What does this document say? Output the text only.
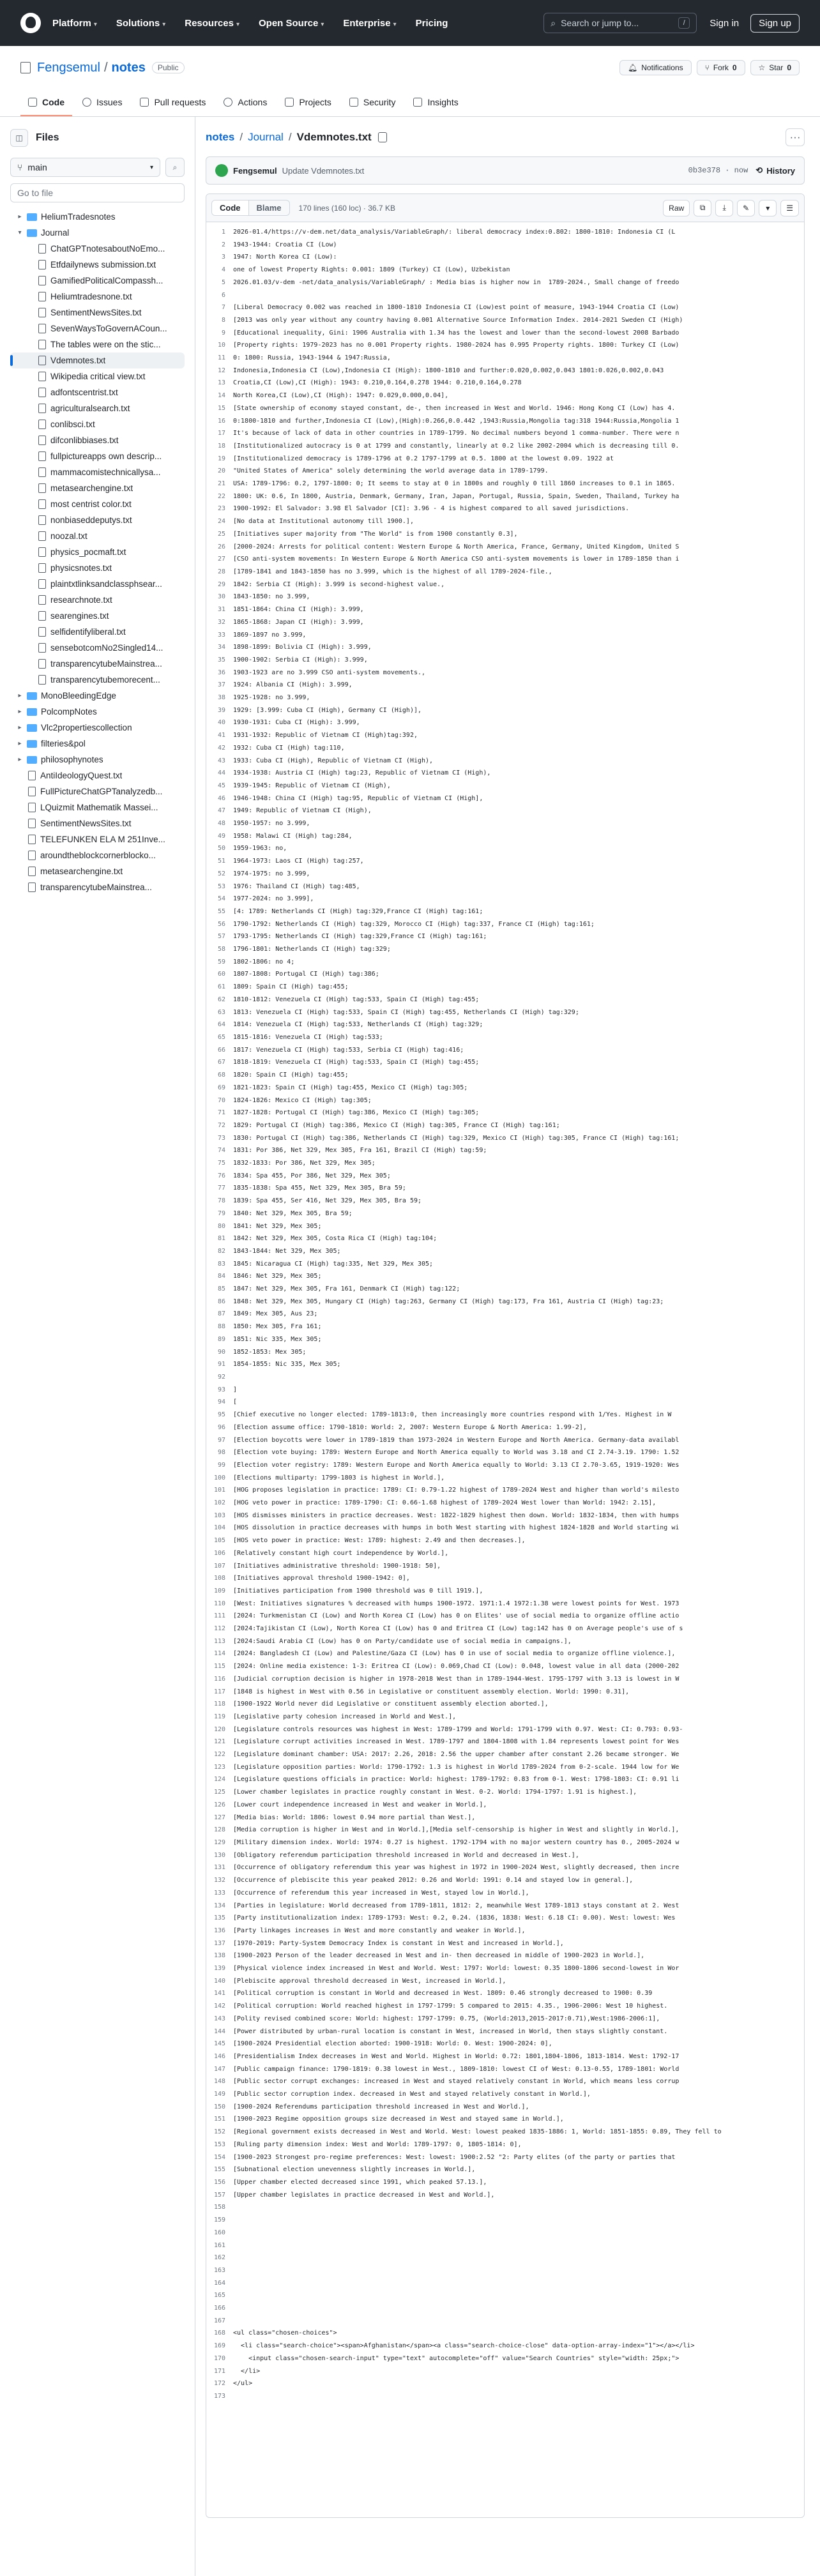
Platform ▾ Solutions ▾ Resources ▾ Open Source ▾ Enterprise ▾ Pricing	⌕ Search or jump to...	/	Sign in	Sign up
Fengsemul / notes	Public	🔔︎ Notifications	⑂ Fork 0	☆ Star 0
Code	Issues	Pull requests	Actions	Projects	Security	Insights
◫	Files
⑂ main	▾	⌕
Go to file
▸	HeliumTradesnotes
▾	Journal
ChatGPTnotesaboutNoEmo...
Etfdailynews submission.txt
GamifiedPoliticalCompassh...
Heliumtradesnone.txt
SentimentNewsSites.txt
SevenWaysToGovernACoun...
The tables were on the stic...
Vdemnotes.txt
Wikipedia critical view.txt
adfontscentrist.txt
agriculturalsearch.txt
conlibsci.txt
difconlibbiases.txt
fullpictureapps own descrip...
mammacomistechnicallysa...
metasearchengine.txt
most centrist color.txt
nonbiaseddeputys.txt
noozal.txt
physics_pocmaft.txt
physicsnotes.txt
plaintxtlinksandclassphsear...
researchnote.txt
searengines.txt
selfidentifyliberal.txt
sensebotcomNo2Singled14...
transparencytubeMainstrea...
transparencytubemorecent...
▸	MonoBleedingEdge
▸	PolcompNotes
▸	Vlc2propertiescollection
▸	filteries&pol
▸	philosophynotes
AntiIdeologyQuest.txt
FullPictureChatGPTanalyzedb...
LQuizmit Mathematik Massei...
SentimentNewsSites.txt
TELEFUNKEN ELA M 251Inve...
aroundtheblockcornerblocko...
metasearchengine.txt
transparencytubeMainstrea...
notes / Journal / Vdemnotes.txt	···
Fengsemul Update Vdemnotes.txt	0b3e378 · now ⟲ History
Code	Blame	170 lines (160 loc) · 36.7 KB	Raw	⧉	⤓	✎	▾	☰
1	2026-01.4/https://v-dem.net/data_analysis/VariableGraph/: liberal democracy index:0.802: 1800-1810: Indonesia CI (L
2	1943-1944: Croatia CI (Low)
3	1947: North Korea CI (Low):
4	one of lowest Property Rights: 0.001: 1809 (Turkey) CI (Low), Uzbekistan
5	2026.01.03/v-dem -net/data_analysis/VariableGraph/ : Media bias is higher now in  1789-2024., Small change of freedo
6
7	[Liberal Democracy 0.002 was reached in 1800-1810 Indonesia CI (Low)est point of measure, 1943-1944 Croatia CI (Low)
8	[2013 was only year without any country having 0.001 Alternative Source Information Index. 2014-2021 Sweden CI (High)
9	[Educational inequality, Gini: 1906 Australia with 1.34 has the lowest and lower than the second-lowest 2008 Barbado
10	[Property rights: 1979-2023 has no 0.001 Property rights. 1980-2024 has 0.995 Property rights. 1800: Turkey CI (Low)
11	0: 1800: Russia, 1943-1944 & 1947:Russia,
12	Indonesia,Indonesia CI (Low),Indonesia CI (High): 1800-1810 and further:0.020,0.002,0.043 1801:0.026,0.002,0.043
13	Croatia,CI (Low),CI (High): 1943: 0.210,0.164,0.278 1944: 0.210,0.164,0.278
14	North Korea,CI (Low),CI (High): 1947: 0.029,0.000,0.04],
15	[State ownership of economy stayed constant, de-, then increased in West and World. 1946: Hong Kong CI (Low) has 4.
16	0:1800-1810 and further,Indonesia CI (Low),(High):0.266,0.0.442 ,1943:Russia,Mongolia tag:318 1944:Russia,Mongolia 1
17	It's because of lack of data in other countries in 1789-1799. No decimal numbers beyond 1 comma-number. There were n
18	[Institutionalized autocracy is 0 at 1799 and constantly, linearly at 0.2 like 2002-2004 which is decreasing till 0.
19	[Institutionalized democracy is 1789-1796 at 0.2 1797-1799 at 0.5. 1800 at the lowest 0.09. 1922 at
20	"United States of America" solely determining the world average data in 1789-1799.
21	USA: 1789-1796: 0.2, 1797-1800: 0; It seems to stay at 0 in 1800s and roughly 0 till 1860 increases to 0.1 in 1865.
22	1800: UK: 0.6, In 1800, Austria, Denmark, Germany, Iran, Japan, Portugal, Russia, Spain, Sweden, Thailand, Turkey ha
23	1900-1992: El Salvador: 3.98 El Salvador [CI]: 3.96 - 4 is highest compared to all saved jurisdictions.
24	[No data at Institutional autonomy till 1900.],
25	[Initiatives super majority from "The World" is from 1900 constantly 0.3],
26	[2000-2024: Arrests for political content: Western Europe & North America, France, Germany, United Kingdom, United S
27	[CSO anti-system movements: In Western Europe & North America CSO anti-system movements is lower in 1789-1850 than i
28	[1789-1841 and 1843-1850 has no 3.999, which is the highest of all 1789-2024-file.,
29	1842: Serbia CI (High): 3.999 is second-highest value.,
30	1843-1850: no 3.999,
31	1851-1864: China CI (High): 3.999,
32	1865-1868: Japan CI (High): 3.999,
33	1869-1897 no 3.999,
34	1898-1899: Bolivia CI (High): 3.999,
35	1900-1902: Serbia CI (High): 3.999,
36	1903-1923 are no 3.999 CSO anti-system movements.,
37	1924: Albania CI (High): 3.999,
38	1925-1928: no 3.999,
39	1929: [3.999: Cuba CI (High), Germany CI (High)],
40	1930-1931: Cuba CI (High): 3.999,
41	1931-1932: Republic of Vietnam CI (High)tag:392,
42	1932: Cuba CI (High) tag:110,
43	1933: Cuba CI (High), Republic of Vietnam CI (High),
44	1934-1938: Austria CI (High) tag:23, Republic of Vietnam CI (High),
45	1939-1945: Republic of Vietnam CI (High),
46	1946-1948: China CI (High) tag:95, Republic of Vietnam CI (High],
47	1949: Republic of Vietnam CI (High),
48	1950-1957: no 3.999,
49	1958: Malawi CI (High) tag:284,
50	1959-1963: no,
51	1964-1973: Laos CI (High) tag:257,
52	1974-1975: no 3.999,
53	1976: Thailand CI (High) tag:485,
54	1977-2024: no 3.999],
55	[4: 1789: Netherlands CI (High) tag:329,France CI (High) tag:161;
56	1790-1792: Netherlands CI (High) tag:329, Morocco CI (High) tag:337, France CI (High) tag:161;
57	1793-1795: Netherlands CI (High) tag:329,France CI (High) tag:161;
58	1796-1801: Netherlands CI (High) tag:329;
59	1802-1806: no 4;
60	1807-1808: Portugal CI (High) tag:386;
61	1809: Spain CI (High) tag:455;
62	1810-1812: Venezuela CI (High) tag:533, Spain CI (High) tag:455;
63	1813: Venezuela CI (High) tag:533, Spain CI (High) tag:455, Netherlands CI (High) tag:329;
64	1814: Venezuela CI (High) tag:533, Netherlands CI (High) tag:329;
65	1815-1816: Venezuela CI (High) tag:533;
66	1817: Venezuela CI (High) tag:533, Serbia CI (High) tag:416;
67	1818-1819: Venezuela CI (High) tag:533, Spain CI (High) tag:455;
68	1820: Spain CI (High) tag:455;
69	1821-1823: Spain CI (High) tag:455, Mexico CI (High) tag:305;
70	1824-1826: Mexico CI (High) tag:305;
71	1827-1828: Portugal CI (High) tag:386, Mexico CI (High) tag:305;
72	1829: Portugal CI (High) tag:386, Mexico CI (High) tag:305, France CI (High) tag:161;
73	1830: Portugal CI (High) tag:386, Netherlands CI (High) tag:329, Mexico CI (High) tag:305, France CI (High) tag:161;
74	1831: Por 386, Net 329, Mex 305, Fra 161, Brazil CI (High) tag:59;
75	1832-1833: Por 386, Net 329, Mex 305;
76	1834: Spa 455, Por 386, Net 329, Mex 305;
77	1835-1838: Spa 455, Net 329, Mex 305, Bra 59;
78	1839: Spa 455, Ser 416, Net 329, Mex 305, Bra 59;
79	1840: Net 329, Mex 305, Bra 59;
80	1841: Net 329, Mex 305;
81	1842: Net 329, Mex 305, Costa Rica CI (High) tag:104;
82	1843-1844: Net 329, Mex 305;
83	1845: Nicaragua CI (High) tag:335, Net 329, Mex 305;
84	1846: Net 329, Mex 305;
85	1847: Net 329, Mex 305, Fra 161, Denmark CI (High) tag:122;
86	1848: Net 329, Mex 305, Hungary CI (High) tag:263, Germany CI (High) tag:173, Fra 161, Austria CI (High) tag:23;
87	1849: Mex 305, Aus 23;
88	1850: Mex 305, Fra 161;
89	1851: Nic 335, Mex 305;
90	1852-1853: Mex 305;
91	1854-1855: Nic 335, Mex 305;
92
93	]
94	[
95	[Chief executive no longer elected: 1789-1813:0, then increasingly more countries respond with 1/Yes. Highest in W
96	[Election assume office: 1790-1810: World: 2, 2007: Western Europe & North America: 1.99-2],
97	[Election boycotts were lower in 1789-1819 than 1973-2024 in Western Europe and North America. Germany-data availabl
98	[Election vote buying: 1789: Western Europe and North America equally to World was 3.18 and CI 2.74-3.19. 1790: 1.52
99	[Election voter registry: 1789: Western Europe and North America equally to World: 3.13 CI 2.70-3.65, 1919-1920: Wes
100	[Elections multiparty: 1799-1803 is highest in World.],
101	[HOG proposes legislation in practice: 1789: CI: 0.79-1.22 highest of 1789-2024 West and higher than world's milesto
102	[HOG veto power in practice: 1789-1790: CI: 0.66-1.68 highest of 1789-2024 West lower than World: 1942: 2.15],
103	[HOS dismisses ministers in practice decreases. West: 1822-1829 highest then down. World: 1832-1834, then with humps
104	[HOS dissolution in practice decreases with humps in both West starting with highest 1824-1828 and World starting wi
105	[HOS veto power in practice: West: 1789: highest: 2.49 and then decreases.],
106	[Relatively constant high court independence by World.],
107	[Initiatives administrative threshold: 1900-1918: 50],
108	[Initiatives approval threshold 1900-1942: 0],
109	[Initiatives participation from 1900 threshold was 0 till 1919.],
110	[West: Initiatives signatures % decreased with humps 1900-1972. 1971:1.4 1972:1.38 were lowest points for West. 1973
111	[2024: Turkmenistan CI (Low) and North Korea CI (Low) has 0 on Elites' use of social media to organize offline actio
112	[2024:Tajikistan CI (Low), North Korea CI (Low) has 0 and Eritrea CI (Low) tag:142 has 0 on Average people's use of s
113	[2024:Saudi Arabia CI (Low) has 0 on Party/candidate use of social media in campaigns.],
114	[2024: Bangladesh CI (Low) and Palestine/Gaza CI (Low) has 0 in use of social media to organize offline violence.],
115	[2024: Online media existence: 1-3: Eritrea CI (Low): 0.069,Chad CI (Low): 0.048, lowest value in all data (2000-202
116	[Judicial corruption decision is higher in 1978-2018 West than in 1789-1944-West. 1795-1797 with 3.13 is lowest in W
117	[1848 is highest in West with 0.56 in Legislative or constituent assembly election. World: 1990: 0.31],
118	[1900-1922 World never did Legislative or constituent assembly election aborted.],
119	[Legislative party cohesion increased in World and West.],
120	[Legislature controls resources was highest in West: 1789-1799 and World: 1791-1799 with 0.97. West: CI: 0.793: 0.93-
121	[Legislature corrupt activities increased in West. 1789-1797 and 1804-1808 with 1.84 represents lowest point for Wes
122	[Legislature dominant chamber: USA: 2017: 2.26, 2018: 2.56 the upper chamber after constant 2.26 became stronger. We
123	[Legislature opposition parties: World: 1790-1792: 1.3 is highest in World 1789-2024 from 0-2-scale. 1944 low for We
124	[Legislature questions officials in practice: World: highest: 1789-1792: 0.83 from 0-1. West: 1798-1803: CI: 0.91 li
125	[Lower chamber legislates in practice roughly constant in West. 0-2. World: 1794-1797: 1.91 is highest.],
126	[Lower court independence increased in West and weaker in World.],
127	[Media bias: World: 1806: lowest 0.94 more partial than West.],
128	[Media corruption is higher in West and in World.],[Media self-censorship is higher in West and slightly in World.],
129	[Military dimension index. World: 1974: 0.27 is highest. 1792-1794 with no major western country has 0., 2005-2024 w
130	[Obligatory referendum participation threshold increased in World and decreased in West.],
131	[Occurrence of obligatory referendum this year was highest in 1972 in 1900-2024 West, slightly decreased, then incre
132	[Occurrence of plebiscite this year peaked 2012: 0.26 and World: 1991: 0.14 and stayed low in general.],
133	[Occurrence of referendum this year increased in West, stayed low in World.],
134	[Parties in legislature: World decreased from 1789-1811, 1812: 2, meanwhile West 1789-1813 stays constant at 2. West
135	[Party institutionalization index: 1789-1793: West: 0.2, 0.24. (1836, 1838: West: 6.18 CI: 0.00). West: lowest: Wes
136	[Party linkages increases in West and more constantly and weaker in World.],
137	[1970-2019: Party-System Democracy Index is constant in West and increased in World.],
138	[1900-2023 Person of the leader decreased in West and in- then decreased in middle of 1900-2023 in World.],
139	[Physical violence index increased in West and World. West: 1797: World: lowest: 0.35 1800-1806 second-lowest in Wor
140	[Plebiscite approval threshold decreased in West, increased in World.],
141	[Political corruption is constant in World and decreased in West. 1809: 0.46 strongly decreased to 1900: 0.39
142	[Political corruption: World reached highest in 1797-1799: 5 compared to 2015: 4.35., 1906-2006: West 10 highest.
143	[Polity revised combined score: World: highest: 1797-1799: 0.75, (World:2013,2015-2017:0.71),West:1986-2006:1],
144	[Power distributed by urban-rural location is constant in West, increased in World, then stays slightly constant.
145	[1900-2024 Presidential election aborted: 1900-1918: World: 0. West: 1900-2024: 0],
146	[Presidentialism Index decreases in West and World. Highest in World: 0.72: 1801,1804-1806, 1813-1814. West: 1792-17
147	[Public campaign finance: 1790-1819: 0.38 lowest in West., 1809-1810: lowest CI of West: 0.13-0.55, 1789-1801: World
148	[Public sector corrupt exchanges: increased in West and stayed relatively constant in World, which means less corrup
149	[Public sector corruption index. decreased in West and stayed relatively constant in World.],
150	[1900-2024 Referendums participation threshold increased in West and World.],
151	[1900-2023 Regime opposition groups size decreased in West and stayed same in World.],
152	[Regional government exists decreased in West and World. West: lowest peaked 1835-1886: 1, World: 1851-1855: 0.89, They fell to
153	[Ruling party dimension index: West and World: 1789-1797: 0, 1805-1814: 0],
154	[1900-2023 Strongest pro-regime preferences: West: lowest: 1900:2.52 "2: Party elites (of the party or parties that
155	[Subnational election unevenness slightly increases in World.],
156	[Upper chamber elected decreased since 1991, which peaked 57.13.],
157	[Upper chamber legislates in practice decreased in West and World.],
158
159
160
161
162
163
164
165
166
167
168	<ul class="chosen-choices">
169	<li class="search-choice"><span>Afghanistan</span><a class="search-choice-close" data-option-array-index="1"></a></li>
170	<input class="chosen-search-input" type="text" autocomplete="off" value="Search Countries" style="width: 25px;">
171	</li>
172	</ul>
173
